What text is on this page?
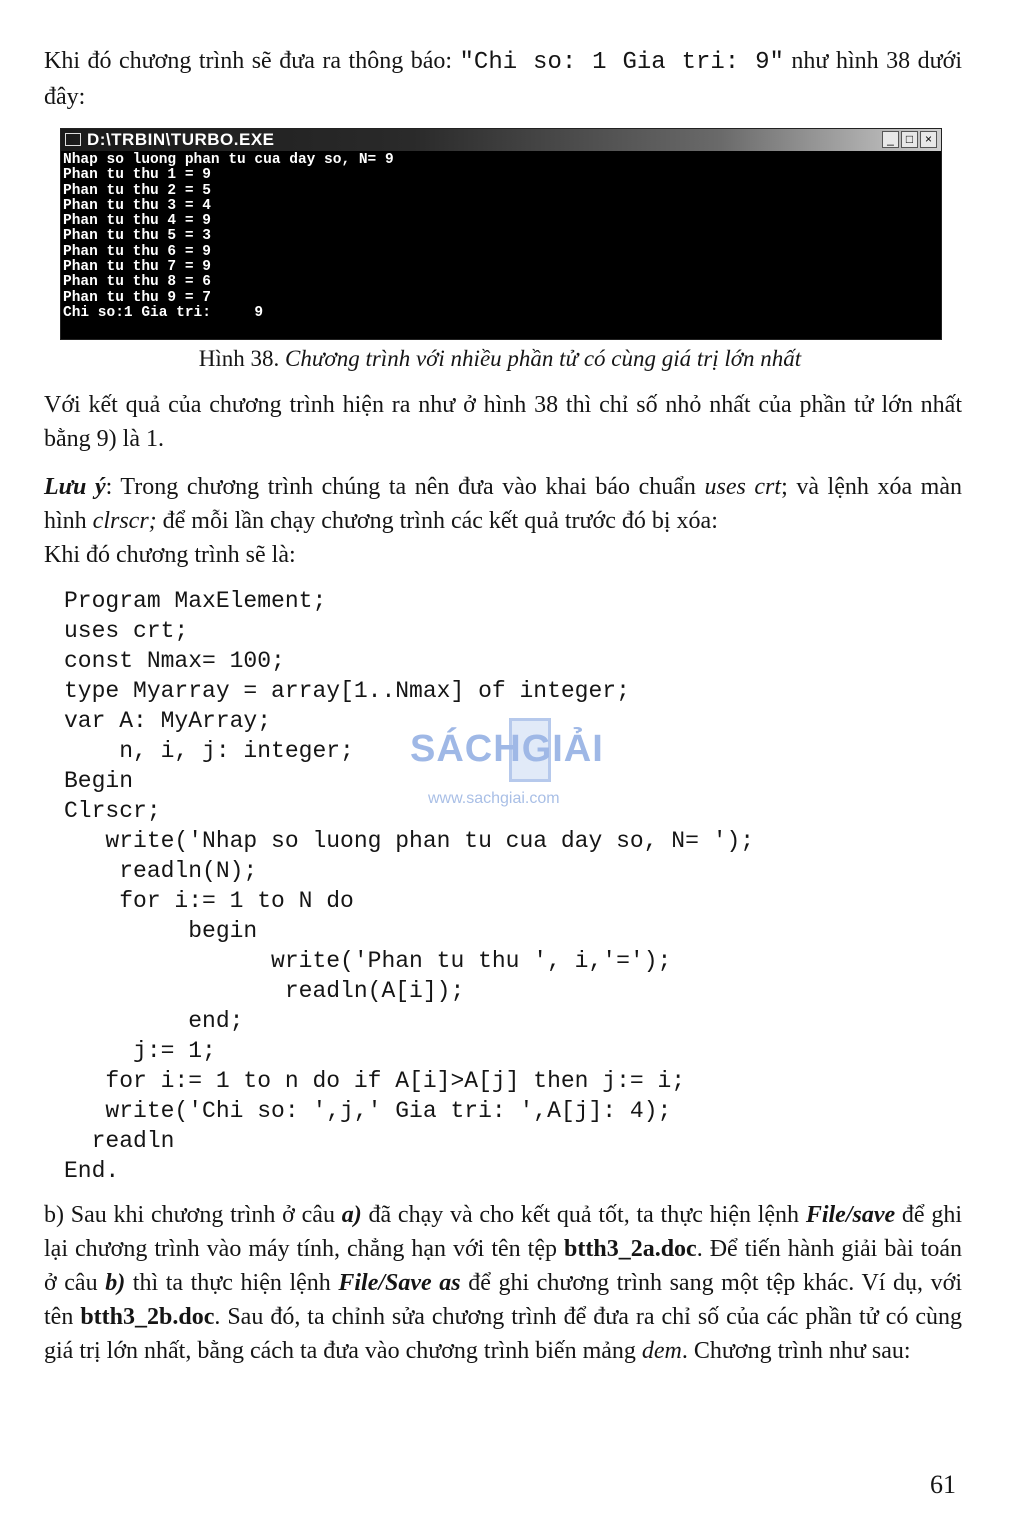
Khi đó chương trình sẽ đưa ra thông báo: "Chi so: 1 Gia tri: 9" như hình 38 dưới đây:

D:\TRBIN\TURBO.EXE	_	□ ×
Nhap so luong phan tu cua day so, N= 9
Phan tu thu 1 = 9
Phan tu thu 2 = 5
Phan tu thu 3 = 4
Phan tu thu 4 = 9
Phan tu thu 5 = 3
Phan tu thu 6 = 9
Phan tu thu 7 = 9
Phan tu thu 8 = 6
Phan tu thu 9 = 7
Chi so:1 Gia tri:     9
Hình 38. Chương trình với nhiều phần tử có cùng giá trị lớn nhất

Với kết quả của chương trình hiện ra như ở hình 38 thì chỉ số nhỏ nhất của phần tử lớn nhất bằng 9) là 1.

Lưu ý: Trong chương trình chúng ta nên đưa vào khai báo chuẩn uses crt; và lệnh xóa màn hình clrscr; để mỗi lần chạy chương trình các kết quả trước đó bị xóa:

Khi đó chương trình sẽ là:

Program MaxElement;
uses crt;
const Nmax= 100;
type Myarray = array[1..Nmax] of integer;
var A: MyArray;
n, i, j: integer;
Begin
Clrscr;
write('Nhap so luong phan tu cua day so, N= ');
readln(N);
for i:= 1 to N do
begin
write('Phan tu thu ', i,'=');
readln(A[i]);
end;
j:= 1;
for i:= 1 to n do if A[i]>A[j] then j:= i;
write('Chi so: ',j,' Gia tri: ',A[j]: 4);
readln
End.
SÁCHGIẢI
www.sachgiai.com

b) Sau khi chương trình ở câu a) đã chạy và cho kết quả tốt, ta thực hiện lệnh File/save để ghi lại chương trình vào máy tính, chẳng hạn với tên tệp btth3_2a.doc. Để tiến hành giải bài toán ở câu b) thì ta thực hiện lệnh File/Save as để ghi chương trình sang một tệp khác. Ví dụ, với tên btth3_2b.doc. Sau đó, ta chỉnh sửa chương trình để đưa ra chỉ số của các phần tử có cùng giá trị lớn nhất, bằng cách ta đưa vào chương trình biến mảng dem. Chương trình như sau:

61
